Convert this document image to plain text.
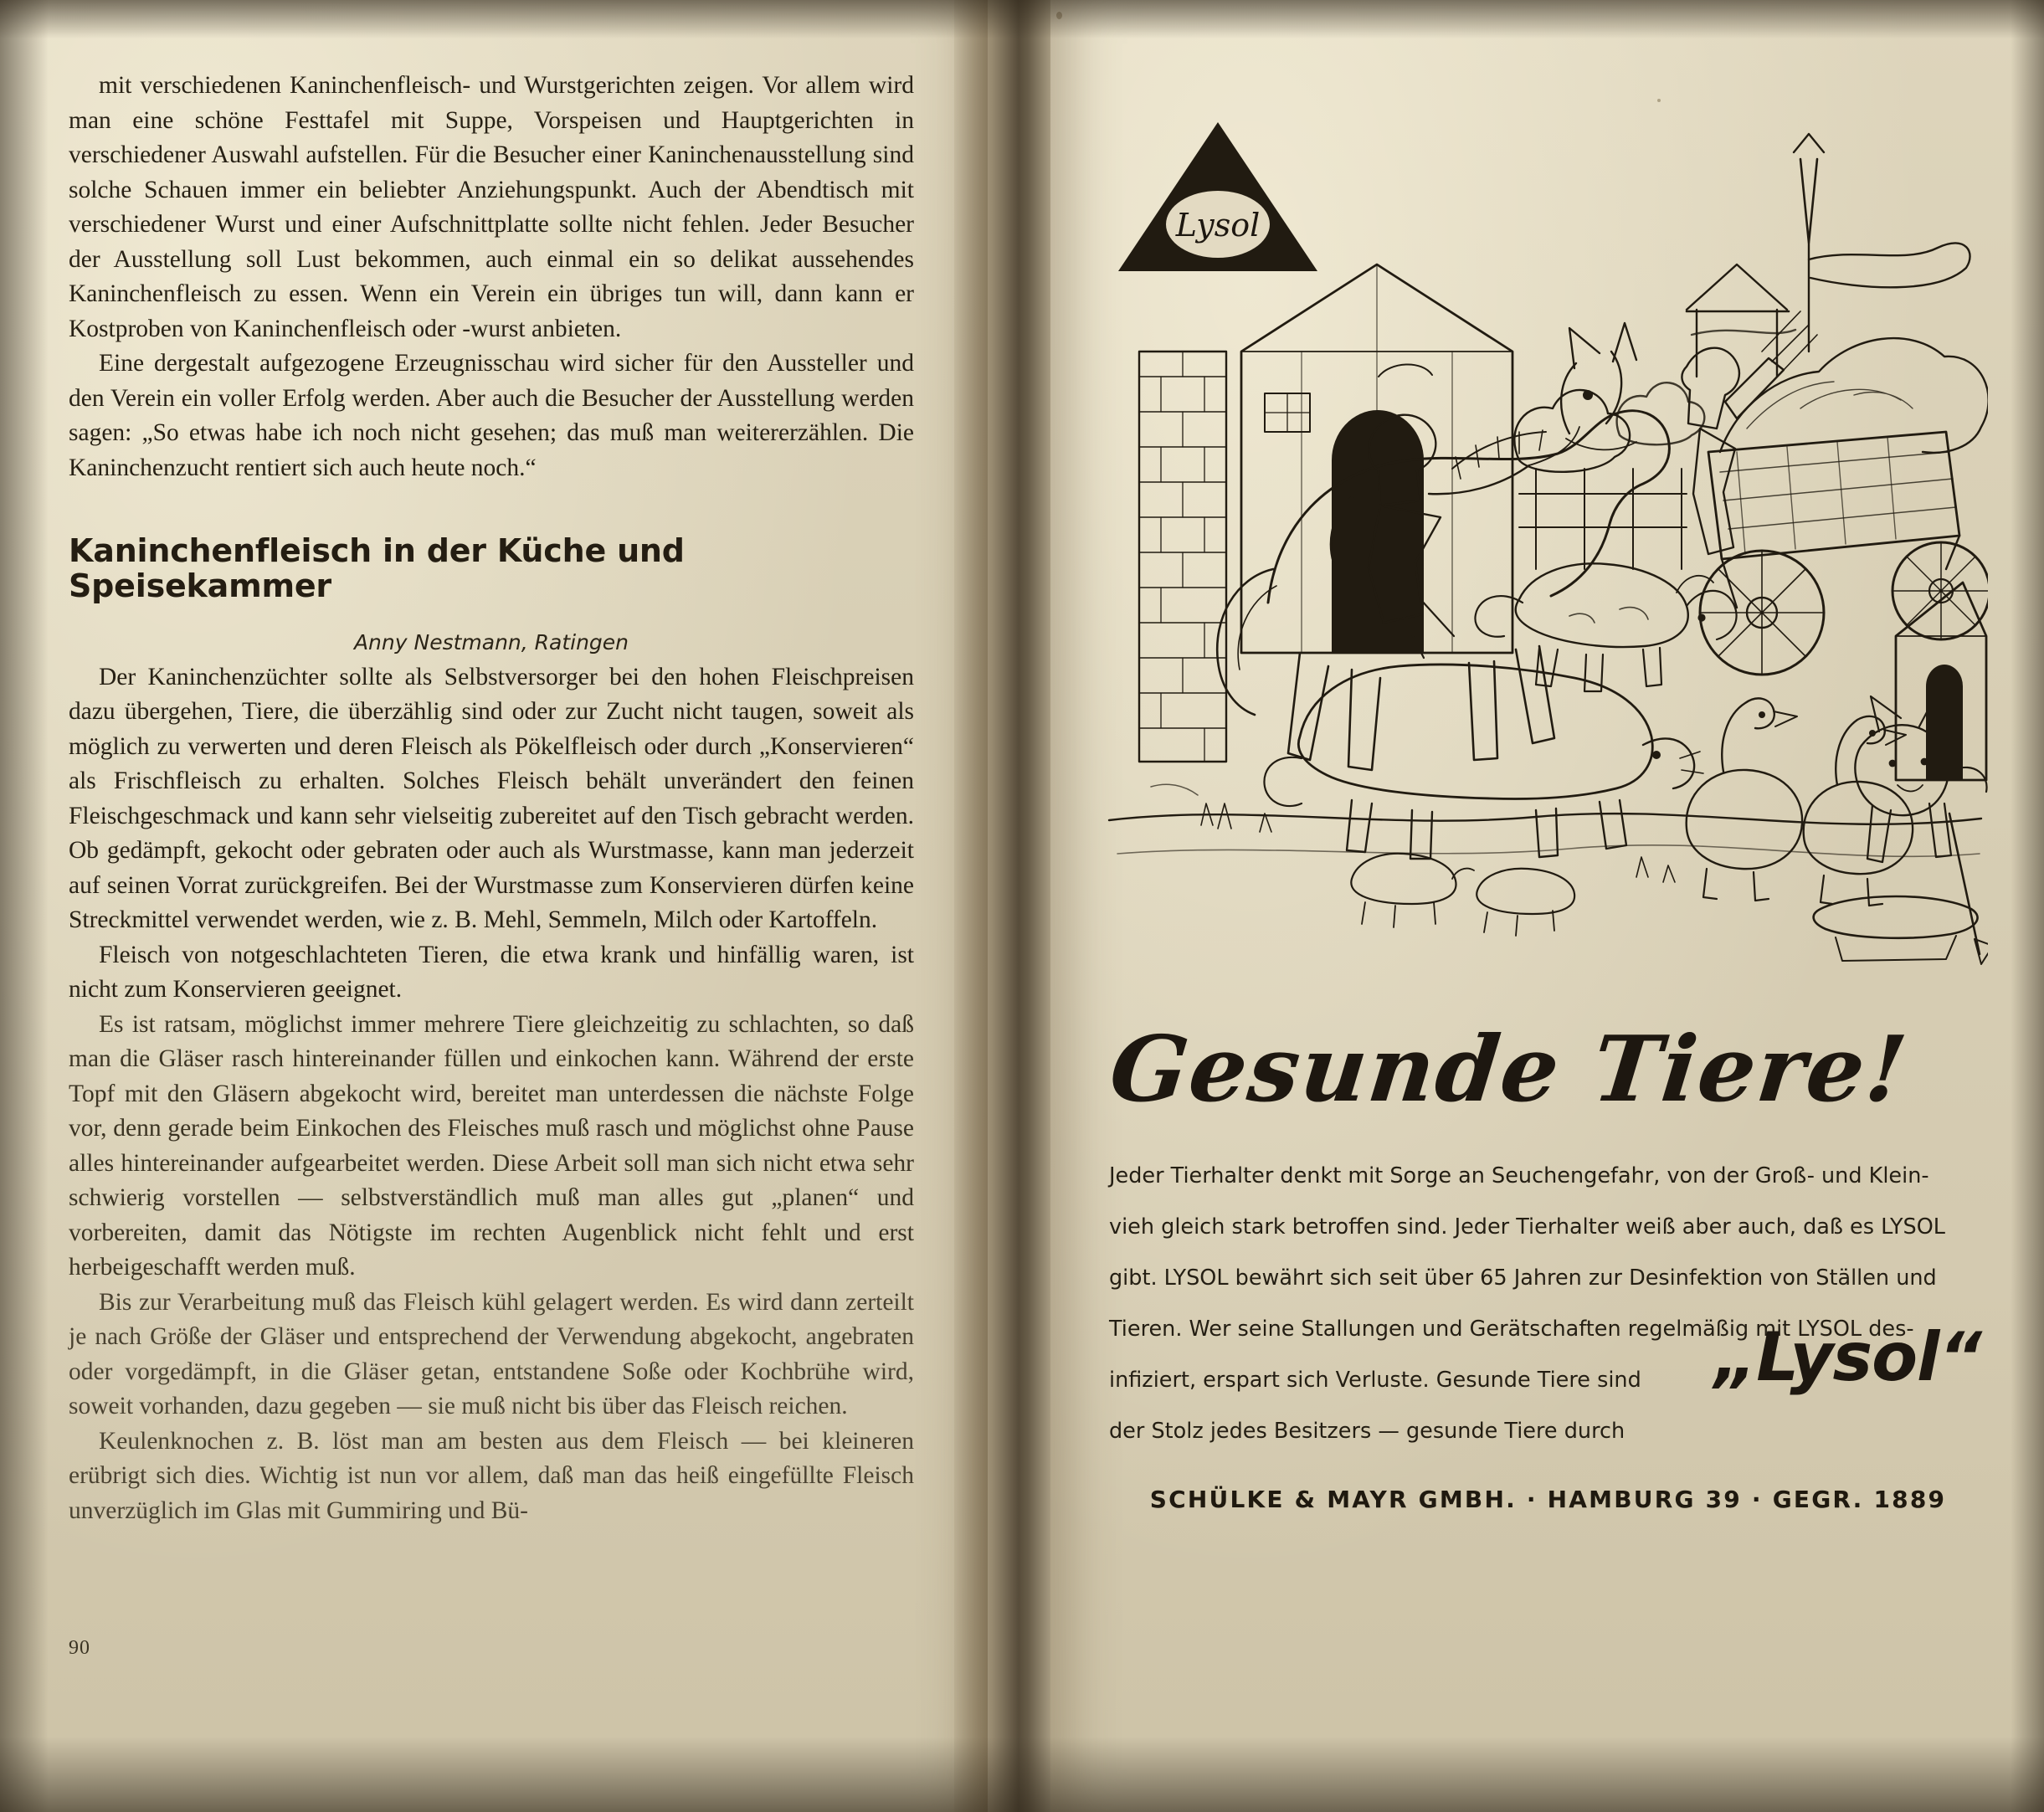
mit verschiedenen Kaninchenfleisch- und Wurstgerichten zeigen. Vor allem wird man eine schöne Festtafel mit Suppe, Vorspeisen und Hauptgerichten in verschiedener Auswahl aufstellen. Für die Besucher einer Kaninchenausstellung sind solche Schauen immer ein beliebter Anziehungspunkt. Auch der Abendtisch mit verschiedener Wurst und einer Aufschnittplatte sollte nicht fehlen. Jeder Besucher der Ausstellung soll Lust bekommen, auch einmal ein so delikat aussehendes Kaninchenfleisch zu essen. Wenn ein Verein ein übriges tun will, dann kann er Kostproben von Kaninchenfleisch oder -wurst anbieten.

Eine dergestalt aufgezogene Erzeugnisschau wird sicher für den Aussteller und den Verein ein voller Erfolg werden. Aber auch die Besucher der Ausstellung werden sagen: „So etwas habe ich noch nicht gesehen; das muß man weitererzählen. Die Kaninchenzucht rentiert sich auch heute noch.“

Kaninchenfleisch in der Küche und Speisekammer
Anny Nestmann, Ratingen

Der Kaninchenzüchter sollte als Selbstversorger bei den hohen Fleischpreisen dazu übergehen, Tiere, die überzählig sind oder zur Zucht nicht taugen, soweit als möglich zu verwerten und deren Fleisch als Pökelfleisch oder durch „Konservieren“ als Frischfleisch zu erhalten. Solches Fleisch behält unverändert den feinen Fleischgeschmack und kann sehr vielseitig zubereitet auf den Tisch gebracht werden. Ob gedämpft, gekocht oder gebraten oder auch als Wurstmasse, kann man jederzeit auf seinen Vorrat zurückgreifen. Bei der Wurstmasse zum Konservieren dürfen keine Streckmittel verwendet werden, wie z. B. Mehl, Semmeln, Milch oder Kartoffeln.

Fleisch von notgeschlachteten Tieren, die etwa krank und hinfällig waren, ist nicht zum Konservieren geeignet.

Es ist ratsam, möglichst immer mehrere Tiere gleichzeitig zu schlachten, so daß man die Gläser rasch hintereinander füllen und einkochen kann. Während der erste Topf mit den Gläsern abgekocht wird, bereitet man unterdessen die nächste Folge vor, denn gerade beim Einkochen des Fleisches muß rasch und möglichst ohne Pause alles hintereinander aufgearbeitet werden. Diese Arbeit soll man sich nicht etwa sehr schwierig vorstellen — selbstverständlich muß man alles gut „planen“ und vorbereiten, damit das Nötigste im rechten Augenblick nicht fehlt und erst herbeigeschafft werden muß.

Bis zur Verarbeitung muß das Fleisch kühl gelagert werden. Es wird dann zerteilt je nach Größe der Gläser und entsprechend der Verwendung abgekocht, angebraten oder vorgedämpft, in die Gläser getan, entstandene Soße oder Kochbrühe wird, soweit vorhanden, dazu gegeben — sie muß nicht bis über das Fleisch reichen.

Keulenknochen z. B. löst man am besten aus dem Fleisch — bei kleineren erübrigt sich dies. Wichtig ist nun vor allem, daß man das heiß eingefüllte Fleisch unverzüglich im Glas mit Gummiring und Bü-

90
Lysol
Gesunde Tiere!
Jeder Tierhalter denkt mit Sorge an Seuchengefahr, von der Groß- und Klein-
vieh gleich stark betroffen sind. Jeder Tierhalter weiß aber auch, daß es LYSOL
gibt. LYSOL bewährt sich seit über 65 Jahren zur Desinfektion von Ställen und
Tieren. Wer seine Stallungen und Gerätschaften regelmäßig mit LYSOL des-
infiziert, erspart sich Verluste. Gesunde Tiere sind
der Stolz jedes Besitzers — gesunde Tiere durch
„Lysol“
SCHÜLKE & MAYR GMBH. · HAMBURG 39 · GEGR. 1889
